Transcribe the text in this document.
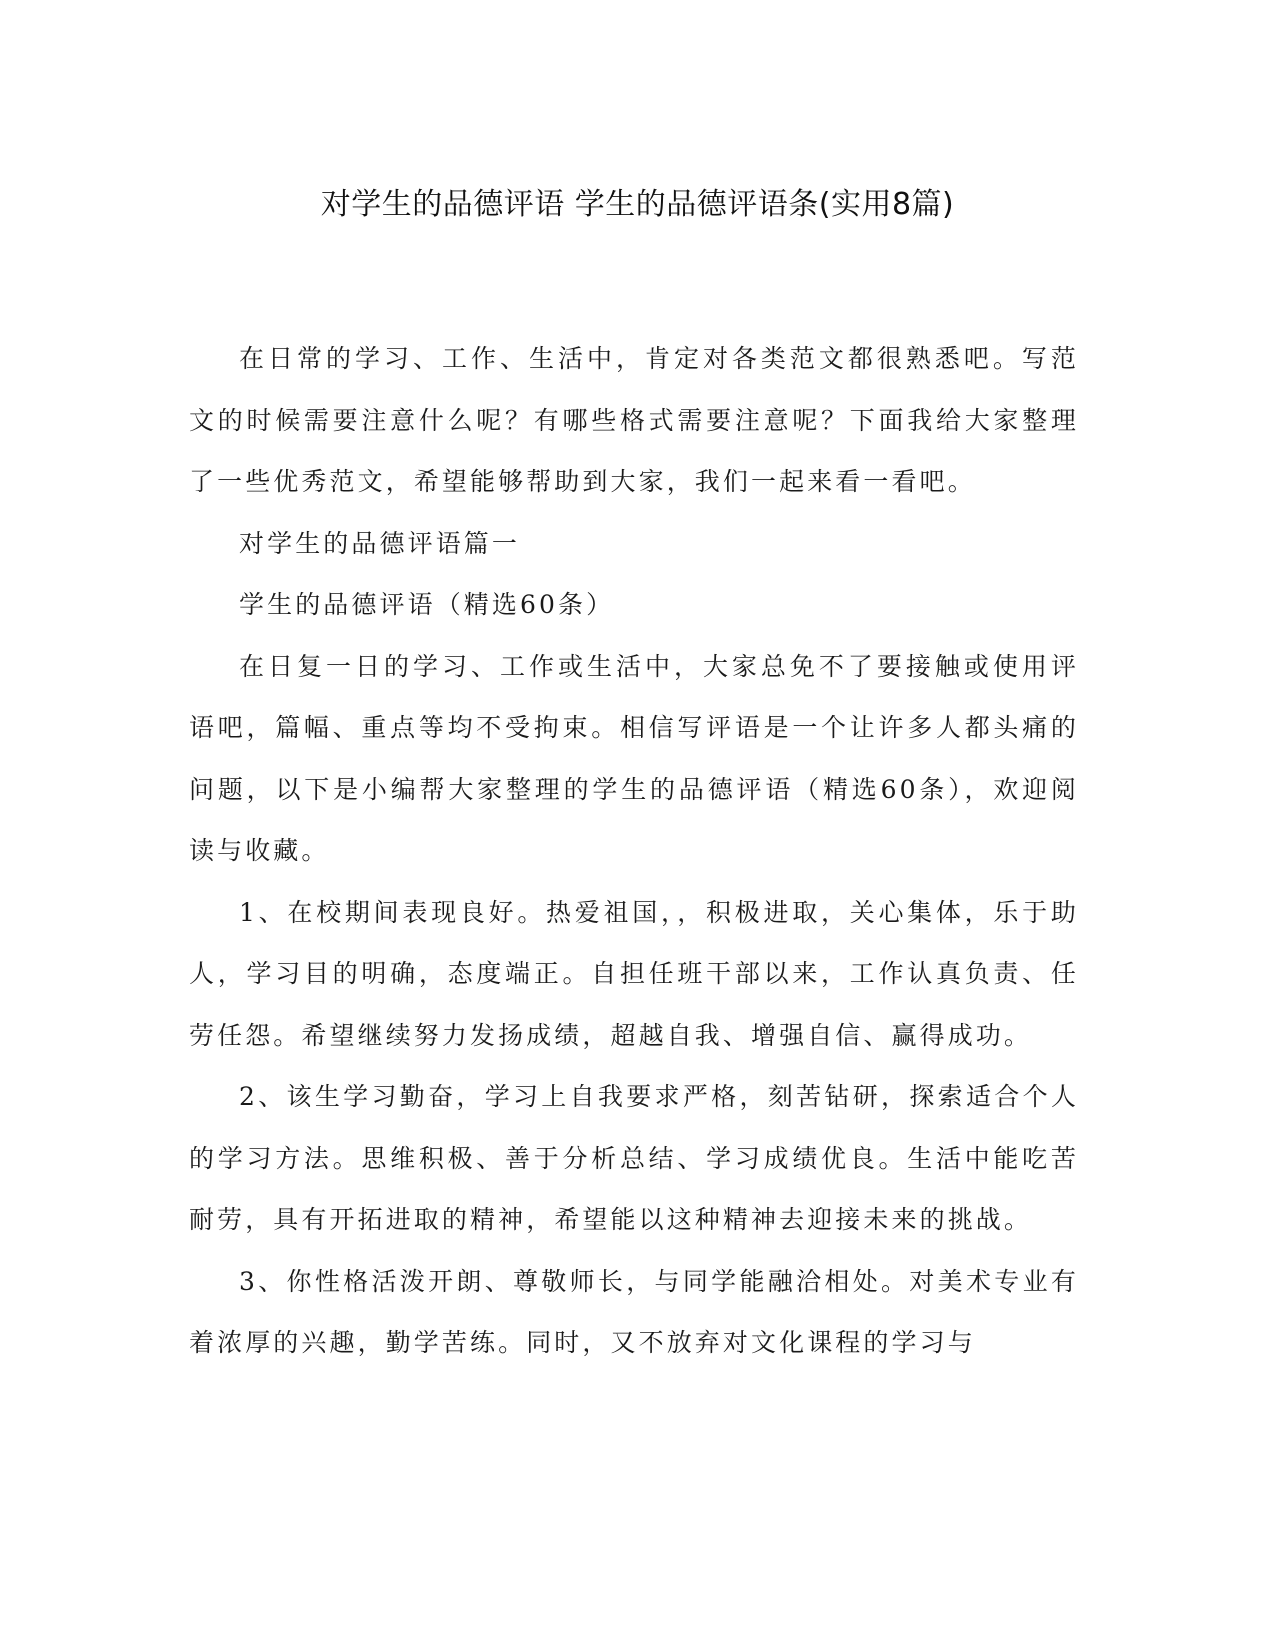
对学生的品德评语 学生的品德评语条(实用8篇)

在日常的学习、工作、生活中，肯定对各类范文都很熟悉吧。写范文的时候需要注意什么呢？有哪些格式需要注意呢？下面我给大家整理了一些优秀范文，希望能够帮助到大家，我们一起来看一看吧。

对学生的品德评语篇一

学生的品德评语（精选60条）

在日复一日的学习、工作或生活中，大家总免不了要接触或使用评语吧，篇幅、重点等均不受拘束。相信写评语是一个让许多人都头痛的问题，以下是小编帮大家整理的学生的品德评语（精选60条），欢迎阅读与收藏。

1、在校期间表现良好。热爱祖国，，积极进取，关心集体，乐于助人，学习目的明确，态度端正。自担任班干部以来，工作认真负责、任劳任怨。希望继续努力发扬成绩，超越自我、增强自信、赢得成功。

2、该生学习勤奋，学习上自我要求严格，刻苦钻研，探索适合个人的学习方法。思维积极、善于分析总结、学习成绩优良。生活中能吃苦耐劳，具有开拓进取的精神，希望能以这种精神去迎接未来的挑战。

3、你性格活泼开朗、尊敬师长，与同学能融洽相处。对美术专业有着浓厚的兴趣，勤学苦练。同时，又不放弃对文化课程的学习与
